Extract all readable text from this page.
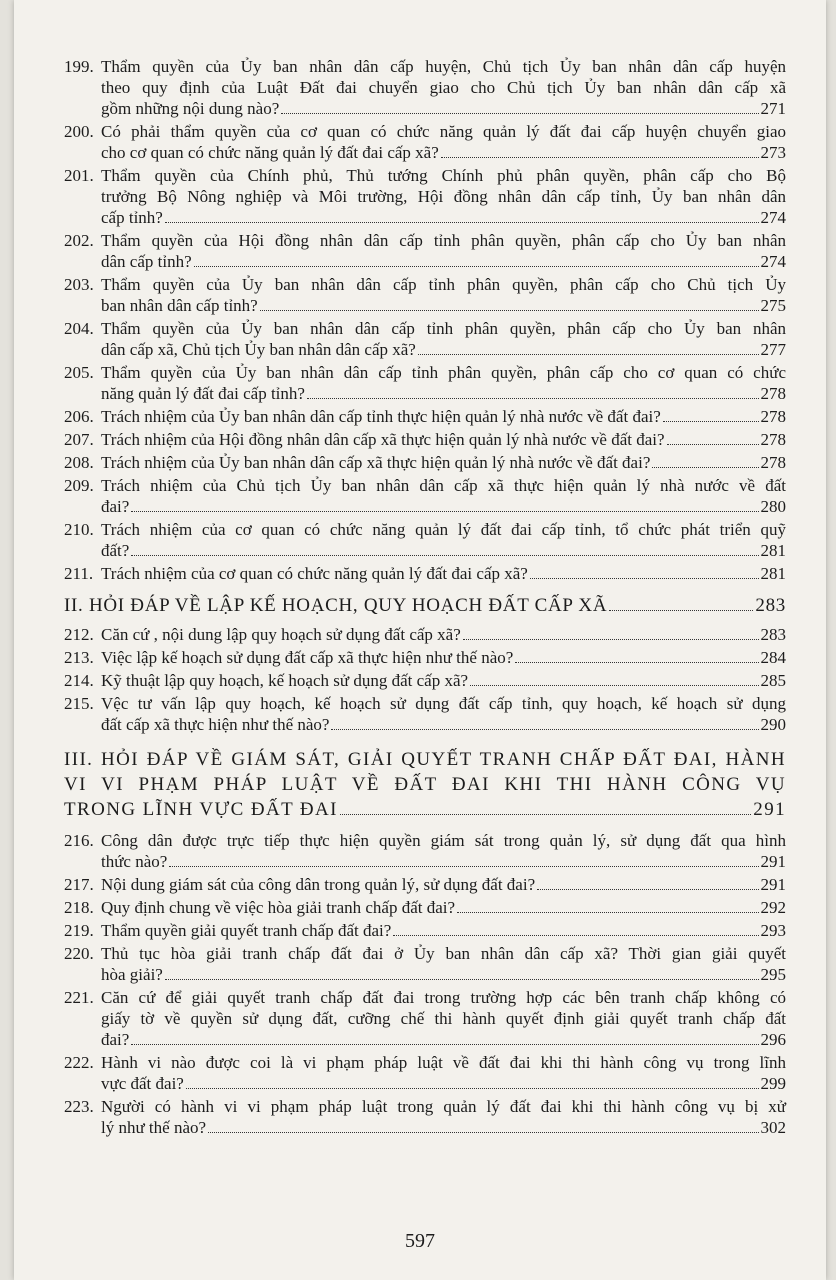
199. Thẩm quyền của Ủy ban nhân dân cấp huyện, Chủ tịch Ủy ban nhân dân cấp huyện
theo quy định của Luật Đất đai chuyển giao cho Chủ tịch Ủy ban nhân dân cấp xã
gồm những nội dung nào?	271
200. Có phải thẩm quyền của cơ quan có chức năng quản lý đất đai cấp huyện chuyển giao
cho cơ quan có chức năng quản lý đất đai cấp xã?	273
201. Thẩm quyền của Chính phủ, Thủ tướng Chính phủ phân quyền, phân cấp cho Bộ
trưởng Bộ Nông nghiệp và Môi trường, Hội đồng nhân dân cấp tỉnh, Ủy ban nhân dân
cấp tỉnh?	274
202. Thẩm quyền của Hội đồng nhân dân cấp tỉnh phân quyền, phân cấp cho Ủy ban nhân
dân cấp tỉnh?	274
203. Thẩm quyền của Ủy ban nhân dân cấp tỉnh phân quyền, phân cấp cho Chủ tịch Ủy
ban nhân dân cấp tỉnh?	275
204. Thẩm quyền của Ủy ban nhân dân cấp tỉnh phân quyền, phân cấp cho Ủy ban nhân
dân cấp xã, Chủ tịch Ủy ban nhân dân cấp xã?	277
205. Thẩm quyền của Ủy ban nhân dân cấp tỉnh phân quyền, phân cấp cho cơ quan có chức
năng quản lý đất đai cấp tỉnh?	278
206. Trách nhiệm của Ủy ban nhân dân cấp tỉnh thực hiện quản lý nhà nước về đất đai?	278
207. Trách nhiệm của Hội đồng nhân dân cấp xã thực hiện quản lý nhà nước về đất đai?	278
208. Trách nhiệm của Ủy ban nhân dân cấp xã thực hiện quản lý nhà nước về đất đai?	278
209. Trách nhiệm của Chủ tịch Ủy ban nhân dân cấp xã thực hiện quản lý nhà nước về đất
đai?	280
210. Trách nhiệm của cơ quan có chức năng quản lý đất đai cấp tỉnh, tổ chức phát triển quỹ
đất?	281
211. Trách nhiệm của cơ quan có chức năng quản lý đất đai cấp xã?	281
II. HỎI ĐÁP VỀ LẬP KẾ HOẠCH, QUY HOẠCH ĐẤT CẤP XÃ	283
212. Căn cứ , nội dung lập quy hoạch sử dụng đất cấp xã?	283
213. Việc lập kế hoạch sử dụng đất cấp xã thực hiện như thế nào?	284
214. Kỹ thuật lập quy hoạch, kế hoạch sử dụng đất cấp xã?	285
215. Vệc tư vấn lập quy hoạch, kế hoạch sử dụng đất cấp tỉnh, quy hoạch, kế hoạch sử dụng
đất cấp xã thực hiện như thế nào?	290
III. HỎI ĐÁP VỀ GIÁM SÁT, GIẢI QUYẾT TRANH CHẤP ĐẤT ĐAI, HÀNH
VI VI PHẠM PHÁP LUẬT VỀ ĐẤT ĐAI KHI THI HÀNH CÔNG VỤ
TRONG LĨNH VỰC ĐẤT ĐAI	291
216. Công dân được trực tiếp thực hiện quyền giám sát trong quản lý, sử dụng đất qua hình
thức nào?	291
217. Nội dung giám sát của công dân trong quản lý, sử dụng đất đai?	291
218. Quy định chung về việc hòa giải tranh chấp đất đai?	292
219. Thẩm quyền giải quyết tranh chấp đất đai?	293
220. Thủ tục hòa giải tranh chấp đất đai ở Ủy ban nhân dân cấp xã? Thời gian giải quyết
hòa giải?	295
221. Căn cứ để giải quyết tranh chấp đất đai trong trường hợp các bên tranh chấp không có
giấy tờ về quyền sử dụng đất, cưỡng chế thi hành quyết định giải quyết tranh chấp đất
đai?	296
222. Hành vi nào được coi là vi phạm pháp luật về đất đai khi thi hành công vụ trong lĩnh
vực đất đai?	299
223. Người có hành vi vi phạm pháp luật trong quản lý đất đai khi thi hành công vụ bị xử
lý như thế nào?	302
597
